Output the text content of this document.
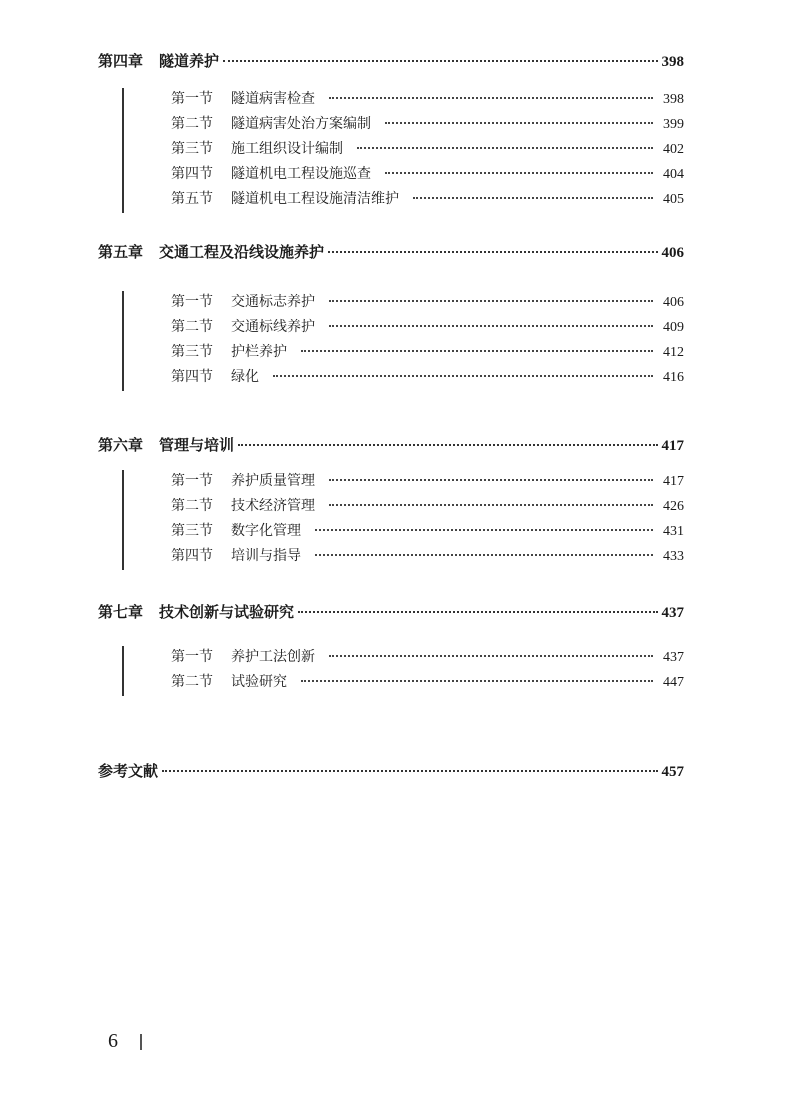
第四章 隧道养护	398
第一节 隧道病害检查	398
第二节 隧道病害处治方案编制	399
第三节 施工组织设计编制	402
第四节 隧道机电工程设施巡查	404
第五节 隧道机电工程设施清洁维护	405
第五章 交通工程及沿线设施养护	406
第一节 交通标志养护	406
第二节 交通标线养护	409
第三节 护栏养护	412
第四节 绿化	416
第六章 管理与培训	417
第一节 养护质量管理	417
第二节 技术经济管理	426
第三节 数字化管理	431
第四节 培训与指导	433
第七章 技术创新与试验研究	437
第一节 养护工法创新	437
第二节 试验研究	447
参考文献	457
6
